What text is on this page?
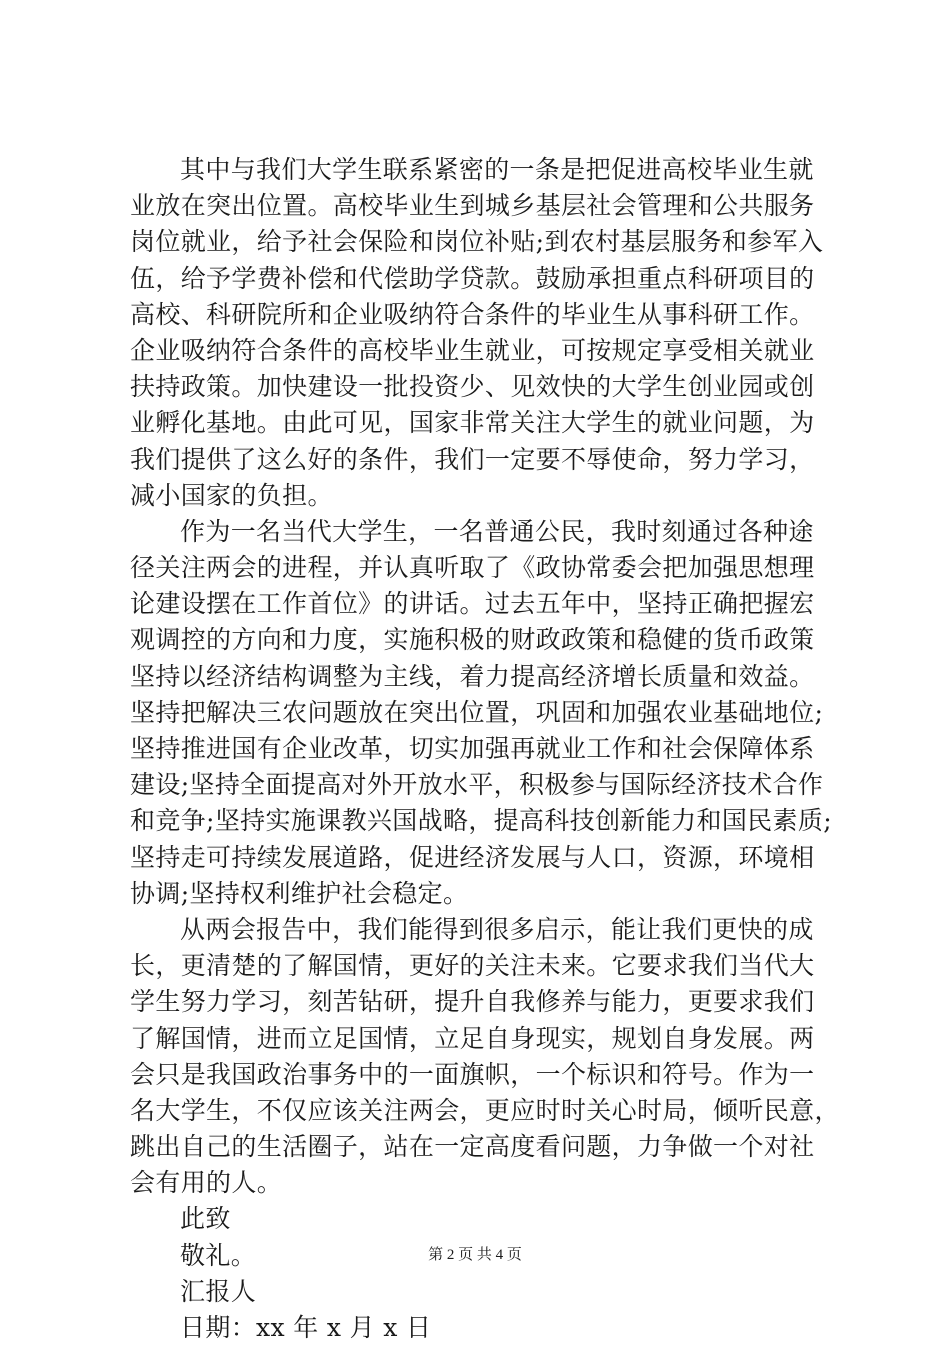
其中与我们大学生联系紧密的一条是把促进高校毕业生就
业放在突出位置。高校毕业生到城乡基层社会管理和公共服务
岗位就业，给予社会保险和岗位补贴;到农村基层服务和参军入
伍，给予学费补偿和代偿助学贷款。鼓励承担重点科研项目的
高校、科研院所和企业吸纳符合条件的毕业生从事科研工作。
企业吸纳符合条件的高校毕业生就业，可按规定享受相关就业
扶持政策。加快建设一批投资少、见效快的大学生创业园或创
业孵化基地。由此可见，国家非常关注大学生的就业问题，为
我们提供了这么好的条件，我们一定要不辱使命，努力学习，
减小国家的负担。
作为一名当代大学生，一名普通公民，我时刻通过各种途
径关注两会的进程，并认真听取了《政协常委会把加强思想理
论建设摆在工作首位》的讲话。过去五年中，坚持正确把握宏
观调控的方向和力度，实施积极的财政政策和稳健的货币政策
坚持以经济结构调整为主线，着力提高经济增长质量和效益。
坚持把解决三农问题放在突出位置，巩固和加强农业基础地位;
坚持推进国有企业改革，切实加强再就业工作和社会保障体系
建设;坚持全面提高对外开放水平，积极参与国际经济技术合作
和竞争;坚持实施课教兴国战略，提高科技创新能力和国民素质;
坚持走可持续发展道路，促进经济发展与人口，资源，环境相
协调;坚持权利维护社会稳定。
从两会报告中，我们能得到很多启示，能让我们更快的成
长，更清楚的了解国情，更好的关注未来。它要求我们当代大
学生努力学习，刻苦钻研，提升自我修养与能力，更要求我们
了解国情，进而立足国情，立足自身现实，规划自身发展。两
会只是我国政治事务中的一面旗帜，一个标识和符号。作为一
名大学生，不仅应该关注两会，更应时时关心时局，倾听民意，
跳出自己的生活圈子，站在一定高度看问题，力争做一个对社
会有用的人。
此致
敬礼。
汇报人
日期：xx 年 x 月 x 日
第 2 页 共 4 页
